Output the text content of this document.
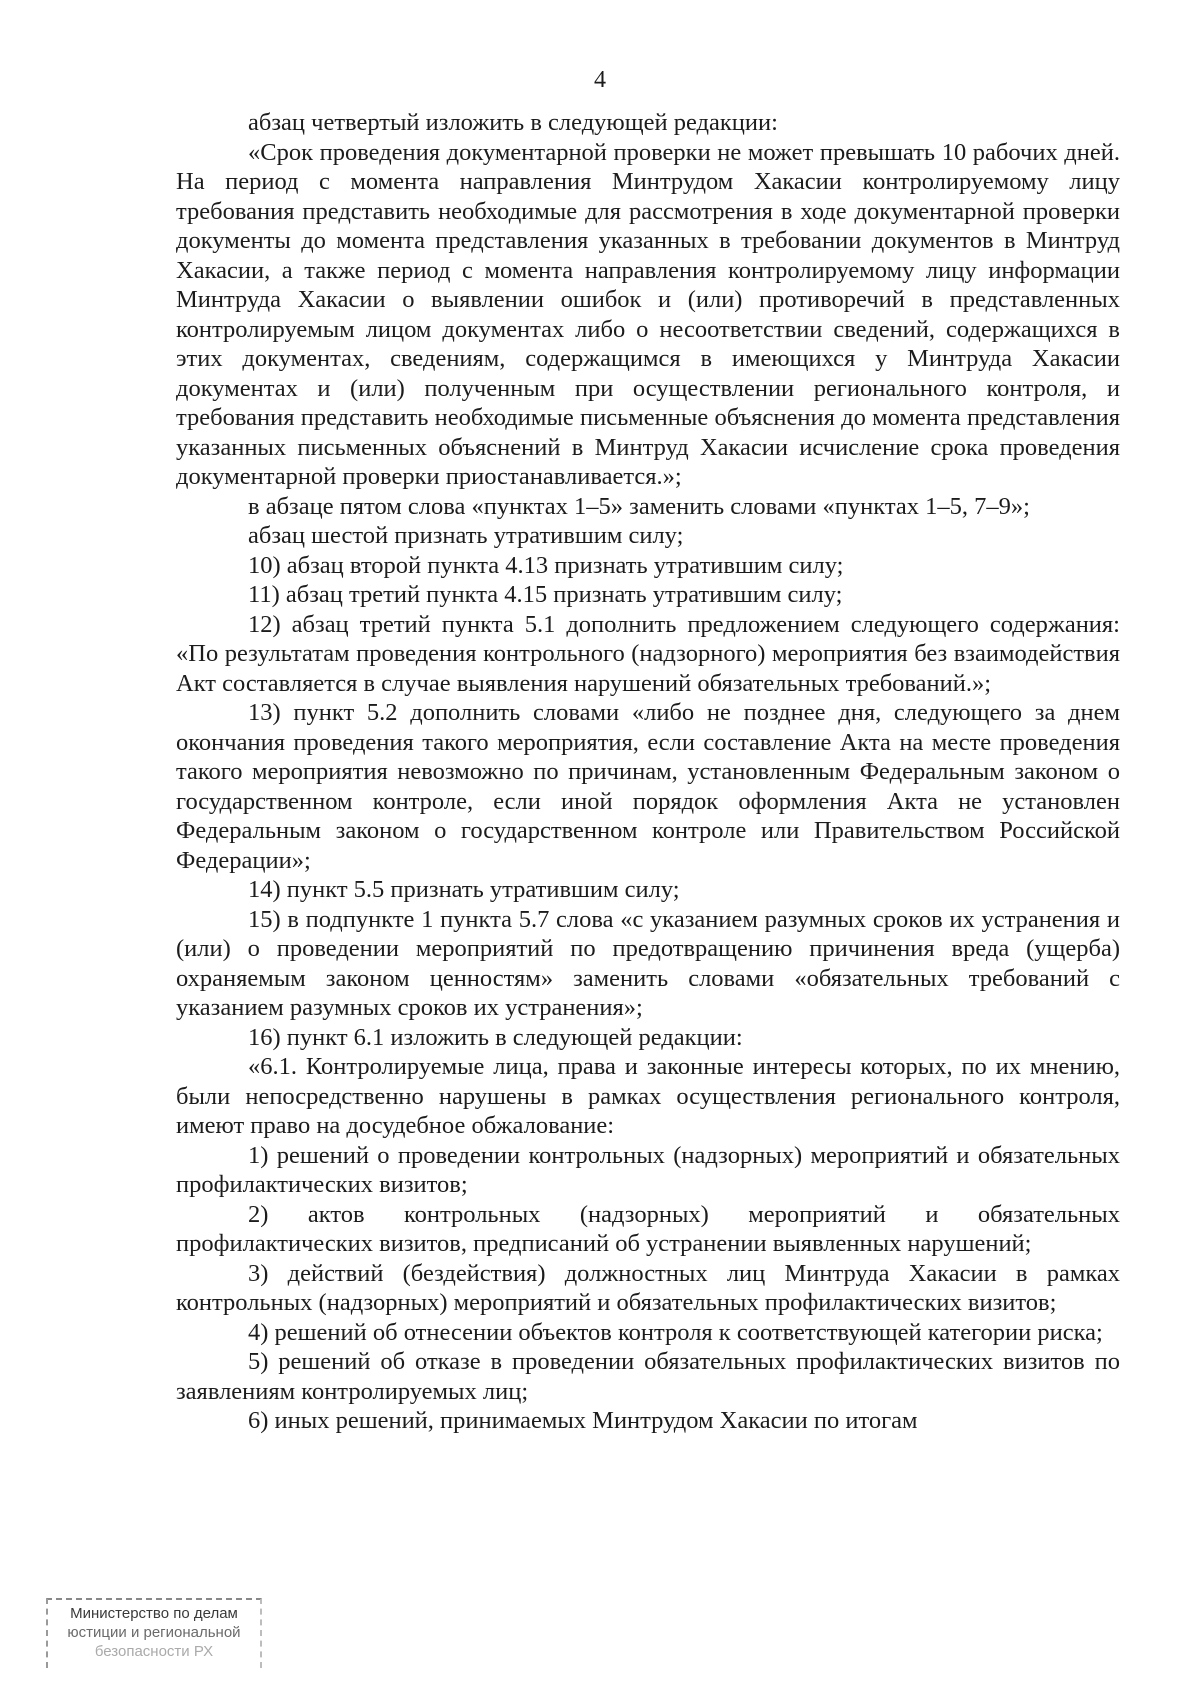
4

абзац четвертый изложить в следующей редакции:

«Срок проведения документарной проверки не может превышать 10 рабочих дней. На период с момента направления Минтрудом Хакасии контролируемому лицу требования представить необходимые для рассмотрения в ходе документарной проверки документы до момента представления указанных в требовании документов в Минтруд Хакасии, а также период с момента направления контролируемому лицу информации Минтруда Хакасии о выявлении ошибок и (или) противоречий в представленных контролируемым лицом документах либо о несоответствии сведений, содержащихся в этих документах, сведениям, содержащимся в имеющихся у Минтруда Хакасии документах и (или) полученным при осуществлении регионального контроля, и требования представить необходимые письменные объяснения до момента представления указанных письменных объяснений в Минтруд Хакасии исчисление срока проведения документарной проверки приостанавливается.»;

в абзаце пятом слова «пунктах 1–5» заменить словами «пунктах 1–5, 7–9»;

абзац шестой признать утратившим силу;

10) абзац второй пункта 4.13 признать утратившим силу;

11) абзац третий пункта 4.15 признать утратившим силу;

12) абзац третий пункта 5.1 дополнить предложением следующего содержания: «По результатам проведения контрольного (надзорного) мероприятия без взаимодействия Акт составляется в случае выявления нарушений обязательных требований.»;

13) пункт 5.2 дополнить словами «либо не позднее дня, следующего за днем окончания проведения такого мероприятия, если составление Акта на месте проведения такого мероприятия невозможно по причинам, установленным Федеральным законом о государственном контроле, если иной порядок оформления Акта не установлен Федеральным законом о государственном контроле или Правительством Российской Федерации»;

14) пункт 5.5 признать утратившим силу;

15) в подпункте 1 пункта 5.7 слова «с указанием разумных сроков их устранения и (или) о проведении мероприятий по предотвращению причинения вреда (ущерба) охраняемым законом ценностям» заменить словами «обязательных требований с указанием разумных сроков их устранения»;

16) пункт 6.1 изложить в следующей редакции:

«6.1. Контролируемые лица, права и законные интересы которых, по их мнению, были непосредственно нарушены в рамках осуществления регионального контроля, имеют право на досудебное обжалование:

1) решений о проведении контрольных (надзорных) мероприятий и обязательных профилактических визитов;

2) актов контрольных (надзорных) мероприятий и обязательных профилактических визитов, предписаний об устранении выявленных нарушений;

3) действий (бездействия) должностных лиц Минтруда Хакасии в рамках контрольных (надзорных) мероприятий и обязательных профилактических визитов;

4) решений об отнесении объектов контроля к соответствующей категории риска;

5) решений об отказе в проведении обязательных профилактических визитов по заявлениям контролируемых лиц;

6) иных решений, принимаемых Минтрудом Хакасии по итогам

Министерство по делам
юстиции и региональной
безопасности РХ
